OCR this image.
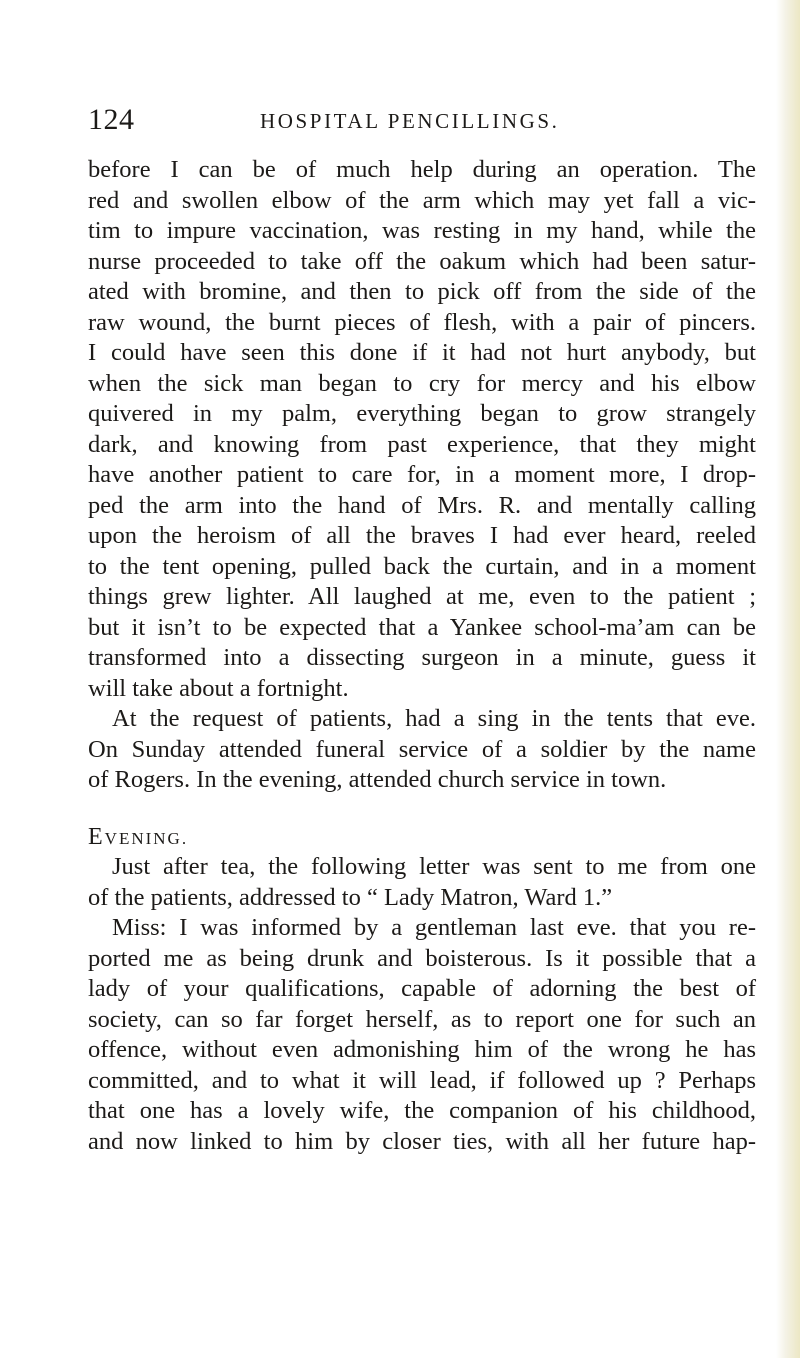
124	HOSPITAL PENCILLINGS.
before I can be of much help during an operation. The
red and swollen elbow of the arm which may yet fall a vic-
tim to impure vaccination, was resting in my hand, while the
nurse proceeded to take off the oakum which had been satur-
ated with bromine, and then to pick off from the side of the
raw wound, the burnt pieces of flesh, with a pair of pincers.
I could have seen this done if it had not hurt anybody, but
when the sick man began to cry for mercy and his elbow
quivered in my palm, everything began to grow strangely
dark, and knowing from past experience, that they might
have another patient to care for, in a moment more, I drop-
ped the arm into the hand of Mrs. R. and mentally calling
upon the heroism of all the braves I had ever heard, reeled
to the tent opening, pulled back the curtain, and in a moment
things grew lighter. All laughed at me, even to the patient ;
but it isn’t to be expected that a Yankee school-ma’am can be
transformed into a dissecting surgeon in a minute, guess it
will take about a fortnight.
At the request of patients, had a sing in the tents that eve.
On Sunday attended funeral service of a soldier by the name
of Rogers. In the evening, attended church service in town.
EVENING.
Just after tea, the following letter was sent to me from one
of the patients, addressed to “ Lady Matron, Ward 1.”
Miss: I was informed by a gentleman last eve. that you re-
ported me as being drunk and boisterous. Is it possible that a
lady of your qualifications, capable of adorning the best of
society, can so far forget herself, as to report one for such an
offence, without even admonishing him of the wrong he has
committed, and to what it will lead, if followed up ? Perhaps
that one has a lovely wife, the companion of his childhood,
and now linked to him by closer ties, with all her future hap-
